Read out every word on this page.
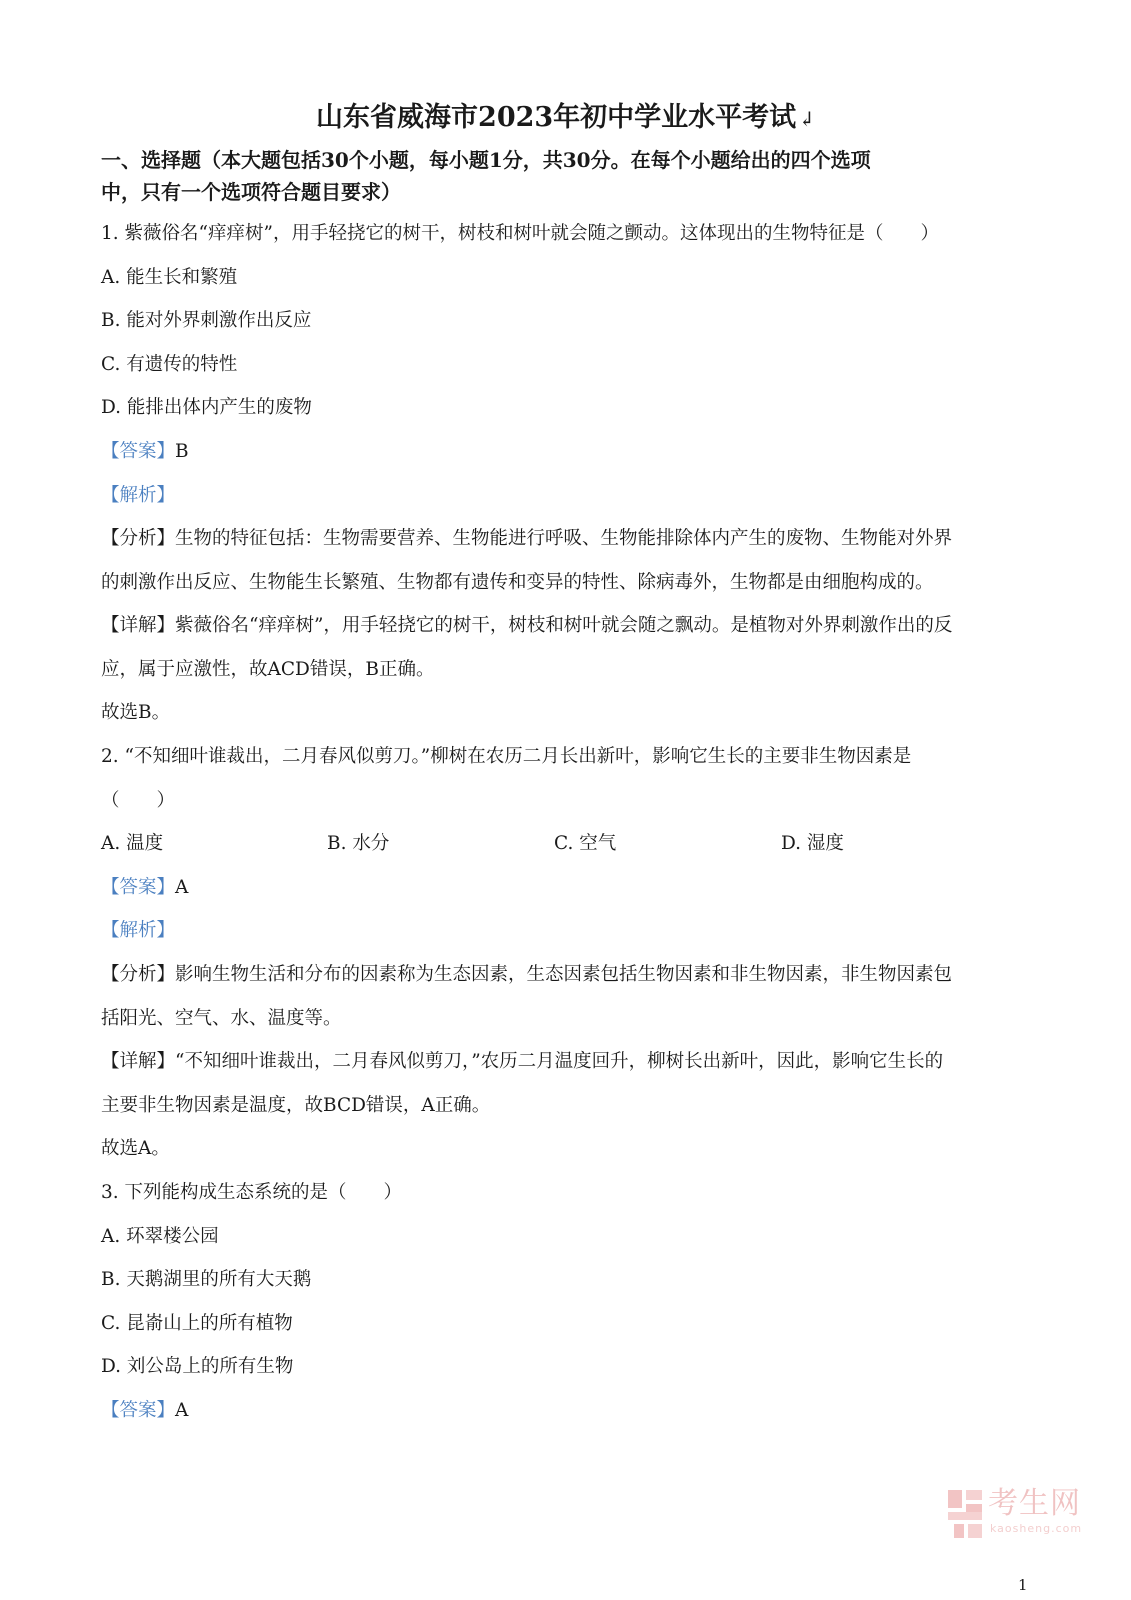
山东省威海市2023年初中学业水平考试 ↲
一、选择题（本大题包括30个小题，每小题1分，共30分。在每个小题给出的四个选项
中，只有一个选项符合题目要求）
1. 紫薇俗名“痒痒树”，用手轻挠它的树干，树枝和树叶就会随之颤动。这体现出的生物特征是（　　）
A. 能生长和繁殖
B. 能对外界刺激作出反应
C. 有遗传的特性
D. 能排出体内产生的废物
【答案】B
【解析】
【分析】生物的特征包括：生物需要营养、生物能进行呼吸、生物能排除体内产生的废物、生物能对外界
的刺激作出反应、生物能生长繁殖、生物都有遗传和变异的特性、除病毒外，生物都是由细胞构成的。
【详解】紫薇俗名“痒痒树”，用手轻挠它的树干，树枝和树叶就会随之飘动。是植物对外界刺激作出的反
应，属于应激性，故ACD错误，B正确。
故选B。
2. “不知细叶谁裁出，二月春风似剪刀。”柳树在农历二月长出新叶，影响它生长的主要非生物因素是
（　　）
A. 温度	B. 水分	C. 空气	D. 湿度
【答案】A
【解析】
【分析】影响生物生活和分布的因素称为生态因素，生态因素包括生物因素和非生物因素，非生物因素包
括阳光、空气、水、温度等。
【详解】“不知细叶谁裁出，二月春风似剪刀，”农历二月温度回升，柳树长出新叶，因此，影响它生长的
主要非生物因素是温度，故BCD错误，A正确。
故选A。
3. 下列能构成生态系统的是（　　）
A. 环翠楼公园
B. 天鹅湖里的所有大天鹅
C. 昆嵛山上的所有植物
D. 刘公岛上的所有生物
【答案】A
考生网
kaosheng.com
1
